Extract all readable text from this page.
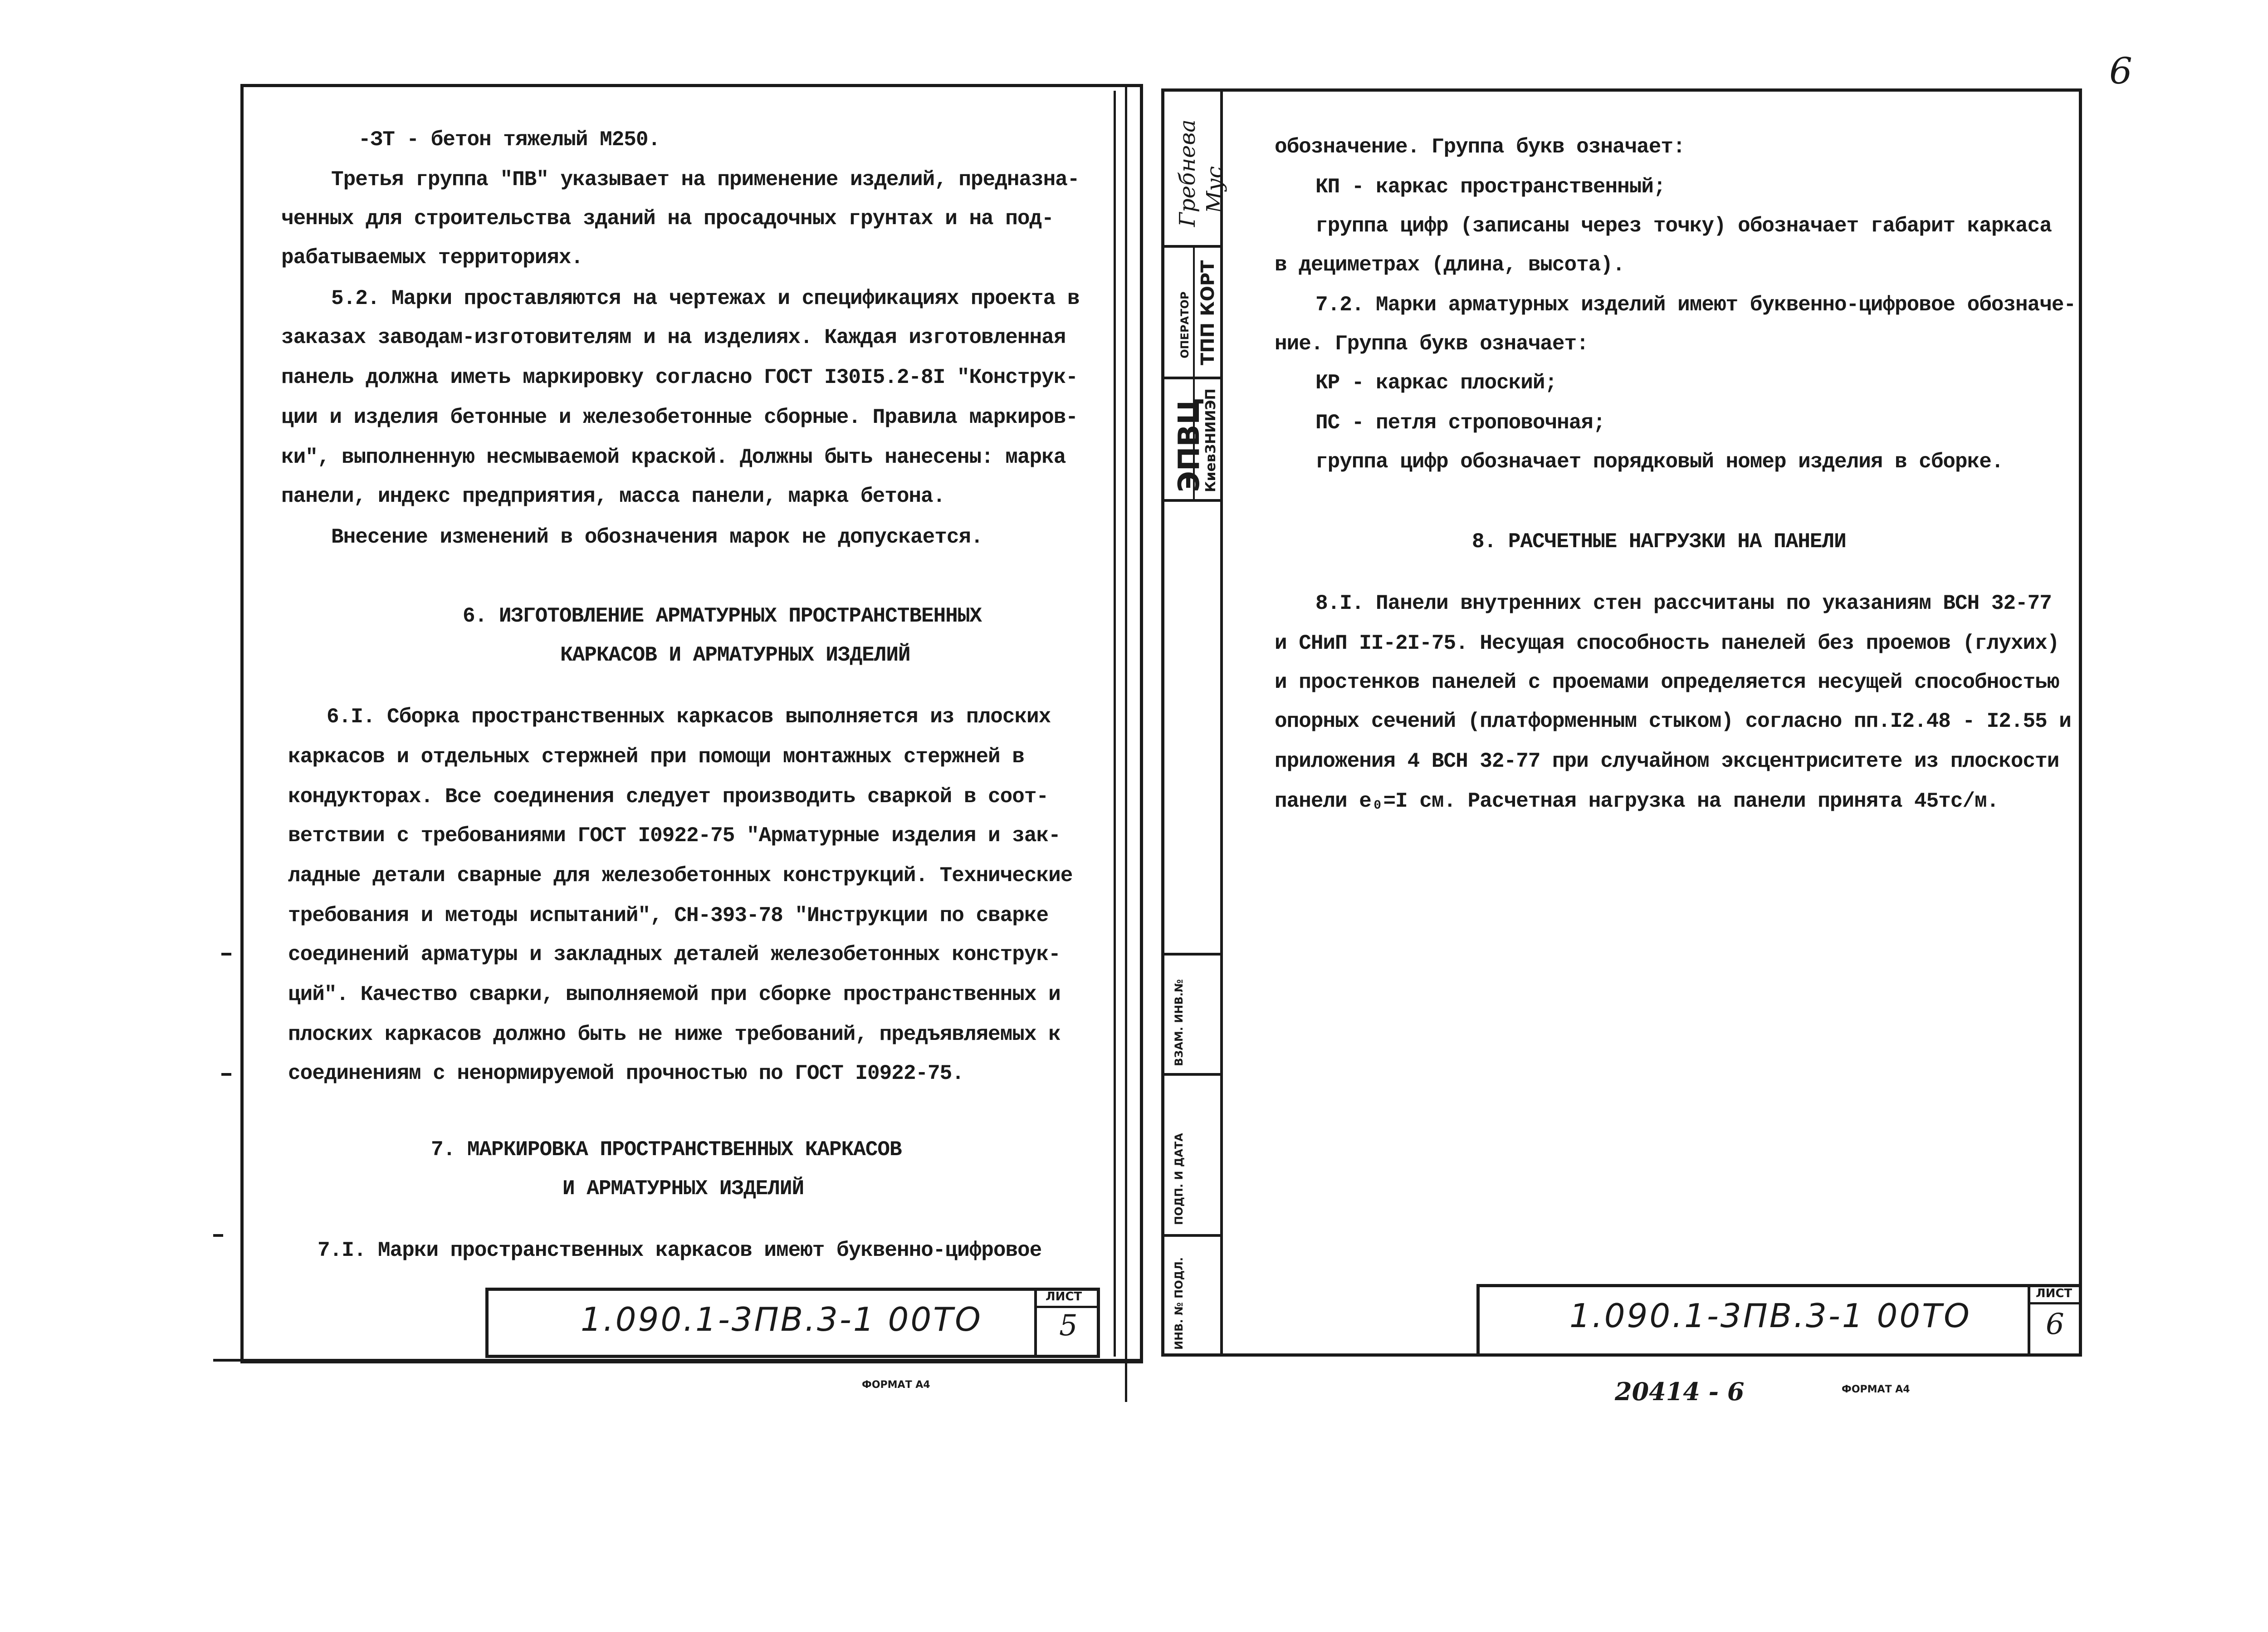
6
-ЗТ - бетон тяжелый М250.
Третья группа "ПВ" указывает на применение изделий, предназна-
ченных для строительства зданий на просадочных грунтах и на под-
рабатываемых территориях.
5.2. Марки проставляются на чертежах и спецификациях проекта в
заказах заводам-изготовителям и на изделиях. Каждая изготовленная
панель должна иметь маркировку согласно ГОСТ I30I5.2-8I "Конструк-
ции и изделия бетонные и железобетонные сборные. Правила маркиров-
ки", выполненную несмываемой краской. Должны быть нанесены: марка
панели, индекс предприятия, масса панели, марка бетона.
Внесение изменений в обозначения марок не допускается.
6. ИЗГОТОВЛЕНИЕ АРМАТУРНЫХ ПРОСТРАНСТВЕННЫХ
КАРКАСОВ И АРМАТУРНЫХ ИЗДЕЛИЙ
6.I. Сборка пространственных каркасов выполняется из плоских
каркасов и отдельных стержней при помощи монтажных стержней в
кондукторах. Все соединения следует производить сваркой в соот-
ветствии с требованиями ГОСТ I0922-75 "Арматурные изделия и зак-
ладные детали сварные для железобетонных конструкций. Технические
требования и методы испытаний", СН-393-78 "Инструкции по сварке
соединений арматуры и закладных деталей железобетонных конструк-
ций". Качество сварки, выполняемой при сборке пространственных и
плоских каркасов должно быть не ниже требований, предъявляемых к
соединениям с ненормируемой прочностью по ГОСТ I0922-75.
7. МАРКИРОВКА ПРОСТРАНСТВЕННЫХ КАРКАСОВ
И АРМАТУРНЫХ ИЗДЕЛИЙ
7.I. Марки пространственных каркасов имеют буквенно-цифровое
1.090.1-3ПВ.3-1 00ТО
ЛИСТ
5
ФОРМАТ А4
Гребнева Мус
ОПЕРАТОР ТПП КОРТ
ЭПВЦ
КиевЗНИИЭП
ВЗАМ. ИНВ.№
ПОДП. И ДАТА
ИНВ. № ПОДЛ.
обозначение. Группа букв означает:
КП - каркас пространственный;
группа цифр (записаны через точку) обозначает габарит каркаса
в дециметрах (длина, высота).
7.2. Марки арматурных изделий имеют буквенно-цифровое обозначе-
ние. Группа букв означает:
КР - каркас плоский;
ПС - петля строповочная;
группа цифр обозначает порядковый номер изделия в сборке.
8. РАСЧЕТНЫЕ НАГРУЗКИ НА ПАНЕЛИ
8.I. Панели внутренних стен рассчитаны по указаниям ВСН 32-77
и СНиП II-2I-75. Несущая способность панелей без проемов (глухих)
и простенков панелей с проемами определяется несущей способностью
опорных сечений (платформенным стыком) согласно пп.I2.48 - I2.55 и
приложения 4 ВСН 32-77 при случайном эксцентриситете из плоскости
панели e₀=I см. Расчетная нагрузка на панели принята 45тс/м.
1.090.1-3ПВ.3-1 00ТО
ЛИСТ
6
20414 - 6	ФОРМАТ А4
